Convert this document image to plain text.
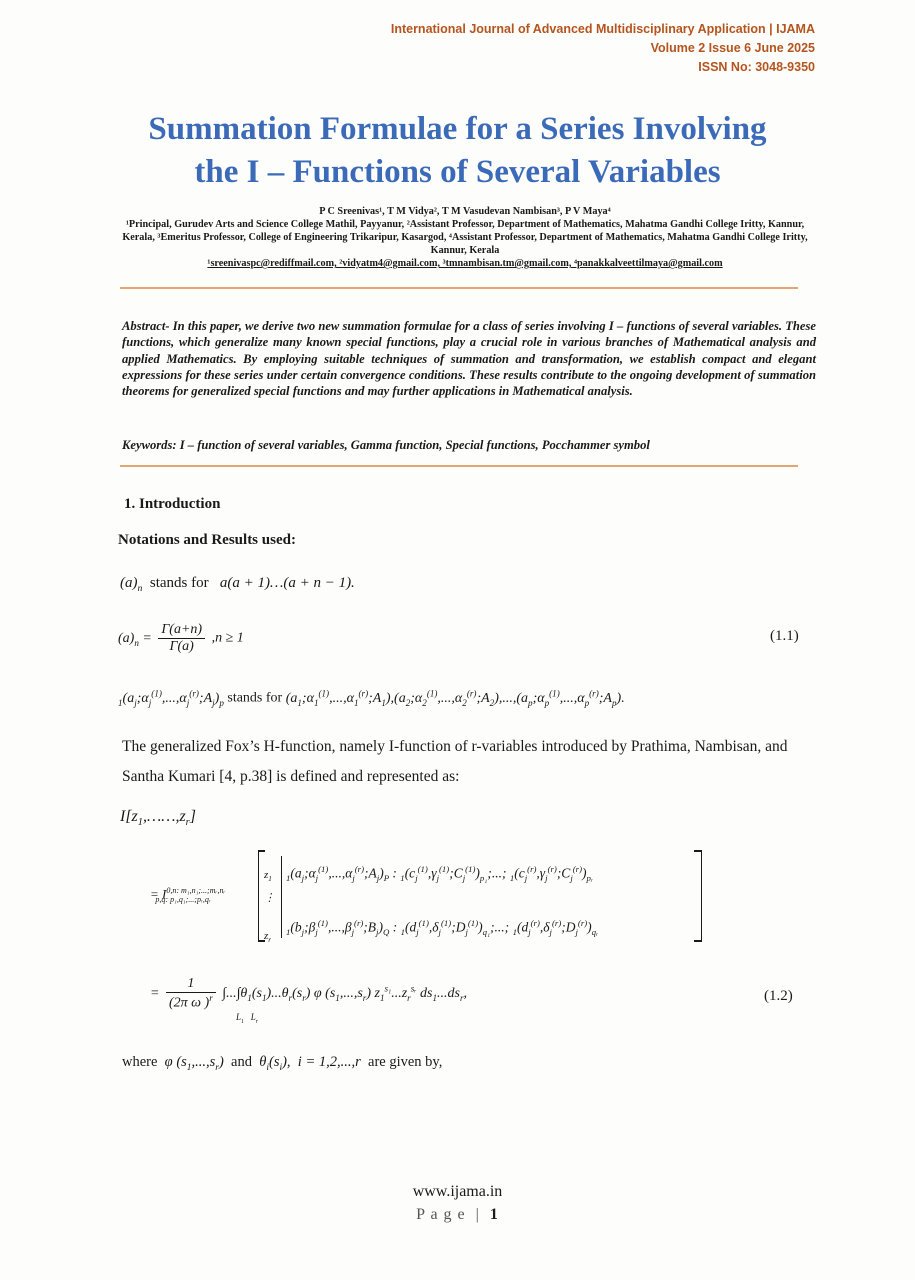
International Journal of Advanced Multidisciplinary Application | IJAMA
Volume 2 Issue 6 June 2025
ISSN No: 3048-9350
Summation Formulae for a Series Involving
the I – Functions of Several Variables
P C Sreenivas¹, T M Vidya², T M Vasudevan Nambisan³, P V Maya⁴
¹Principal, Gurudev Arts and Science College Mathil, Payyanur, ²Assistant Professor, Department of Mathematics, Mahatma Gandhi College Iritty, Kannur, Kerala, ³Emeritus Professor, College of Engineering Trikaripur, Kasargod, ⁴Assistant Professor, Department of Mathematics, Mahatma Gandhi College Iritty, Kannur, Kerala
¹sreenivaspc@rediffmail.com, ²vidyatm4@gmail.com, ³tmnambisan.tm@gmail.com, ⁴panakkalveettilmaya@gmail.com
Abstract- In this paper, we derive two new summation formulae for a class of series involving I – functions of several variables. These functions, which generalize many known special functions, play a crucial role in various branches of Mathematical analysis and applied Mathematics. By employing suitable techniques of summation and transformation, we establish compact and elegant expressions for these series under certain convergence conditions. These results contribute to the ongoing development of summation theorems for generalized special functions and may further applications in Mathematical analysis.
Keywords: I – function of several variables, Gamma function, Special functions, Pocchammer symbol
1. Introduction
Notations and Results used:
$(a)_n$ stands for a(a + 1)…(a + n − 1).
$(a)_n = \frac{\Gamma(a+n)}{\Gamma(a)} ,n \ge 1$	(1.1)
$_1(a_j;\alpha_j^{(1)},...,\alpha_j^{(r)};A_j)_p$ stands for $(a_1;\alpha_1^{(1)},...,\alpha_1^{(r)};A_1),(a_2;\alpha_2^{(1)},...,\alpha_2^{(r)};A_2),...,(a_p;\alpha_p^{(1)},...,\alpha_p^{(r)};A_p)$.
The generalized Fox’s H-function, namely I-function of r-variables introduced by Prathima, Nambisan, and Santha Kumari [4, p.38] is defined and represented as:
$I[z_1,\dots\dots,z_r]$
= $I^{0,n: m_1,n_1;...;mᵣ,nᵣ}_{p,q: p_1,q_1;...;pᵣ,qᵣ}$
$z_1$
⋮

$z_r$
$_1(a_j;\alpha_j^{(1)},...,\alpha_j^{(r)};A_j)_P$ : $_1(c_j^{(1)},\gamma_j^{(1)};C_j^{(1)})_{p_1}$;...; $_1(c_j^{(r)},\gamma_j^{(r)};C_j^{(r)})_{pᵣ}$
$_1(b_j;\beta_j^{(1)},...,\beta_j^{(r)};B_j)_Q$ : $_1(d_j^{(1)},\delta_j^{(1)};D_j^{(1)})_{q_1}$;...; $_1(d_j^{(r)},\delta_j^{(r)};D_j^{(r)})_{qᵣ}$
= $\frac{1}{(2\pi \omega )^r} \int...\int\theta_1(s_1)...\theta_r(s_r)$ φ $(s_1,...,s_r)$ $z_1^{s_1}...z_r^{sᵣ}$ $ds_1...ds_r$,
$L_1$   $L_r$
(1.2)
where  φ $(s_1,...,s_r)$  and  $\theta_i(s_i)$,  i = 1,2,...,r  are given by,
www.ijama.in
P a g e  |  1
